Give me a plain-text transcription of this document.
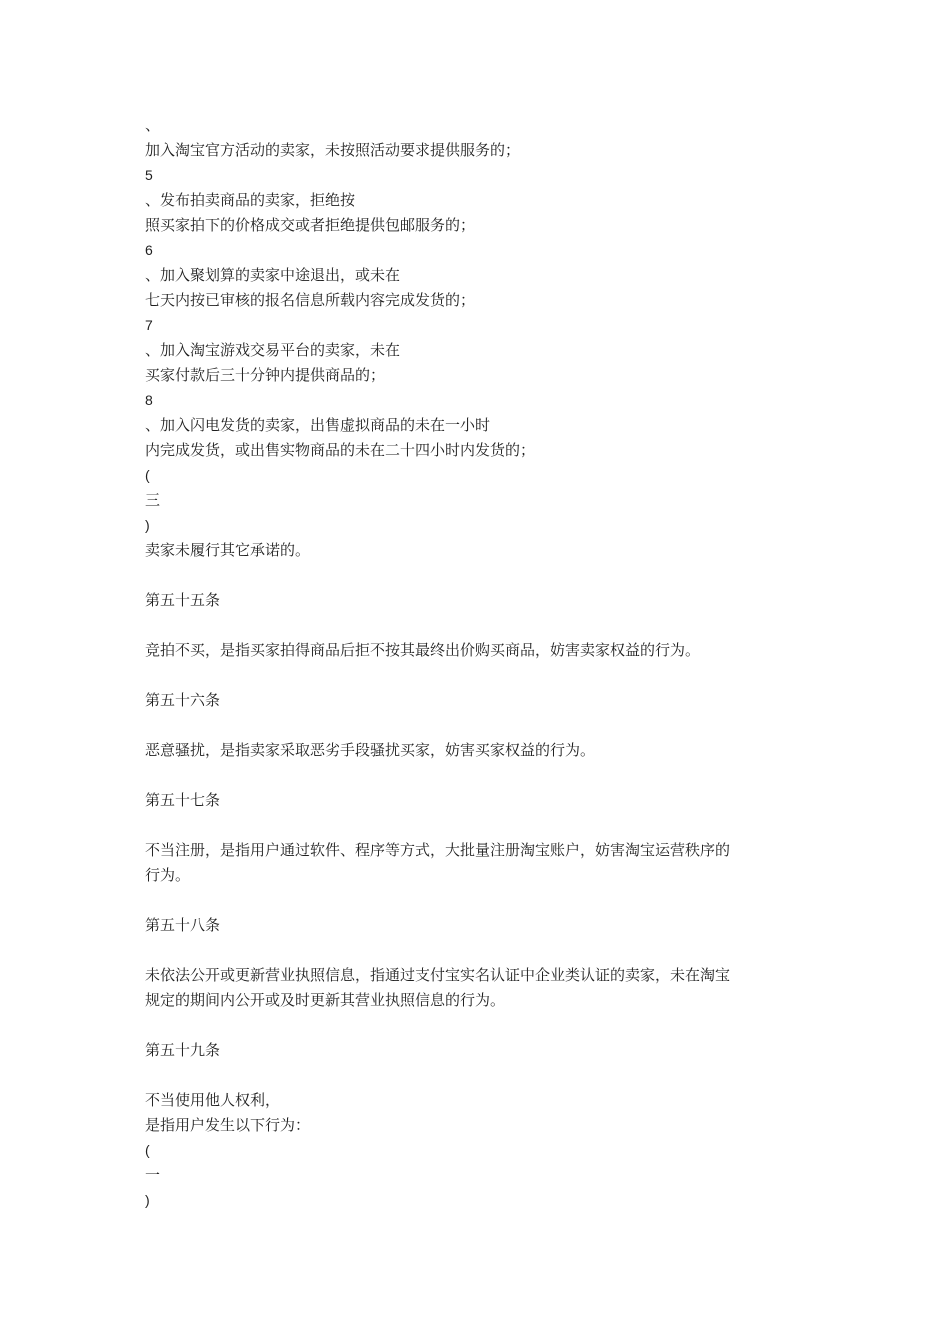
、
加入淘宝官方活动的卖家，未按照活动要求提供服务的；
5
、发布拍卖商品的卖家，拒绝按
照买家拍下的价格成交或者拒绝提供包邮服务的；
6
、加入聚划算的卖家中途退出，或未在
七天内按已审核的报名信息所载内容完成发货的；
7
、加入淘宝游戏交易平台的卖家，未在
买家付款后三十分钟内提供商品的；
8
、加入闪电发货的卖家，出售虚拟商品的未在一小时
内完成发货，或出售实物商品的未在二十四小时内发货的；
(
三
)
卖家未履行其它承诺的。
第五十五条
竞拍不买，是指买家拍得商品后拒不按其最终出价购买商品，妨害卖家权益的行为。
第五十六条
恶意骚扰，是指卖家采取恶劣手段骚扰买家，妨害买家权益的行为。
第五十七条
不当注册，是指用户通过软件、程序等方式，大批量注册淘宝账户，妨害淘宝运营秩序的
行为。
第五十八条
未依法公开或更新营业执照信息，指通过支付宝实名认证中企业类认证的卖家，未在淘宝
规定的期间内公开或及时更新其营业执照信息的行为。
第五十九条
不当使用他人权利，
是指用户发生以下行为：
(
一
)
